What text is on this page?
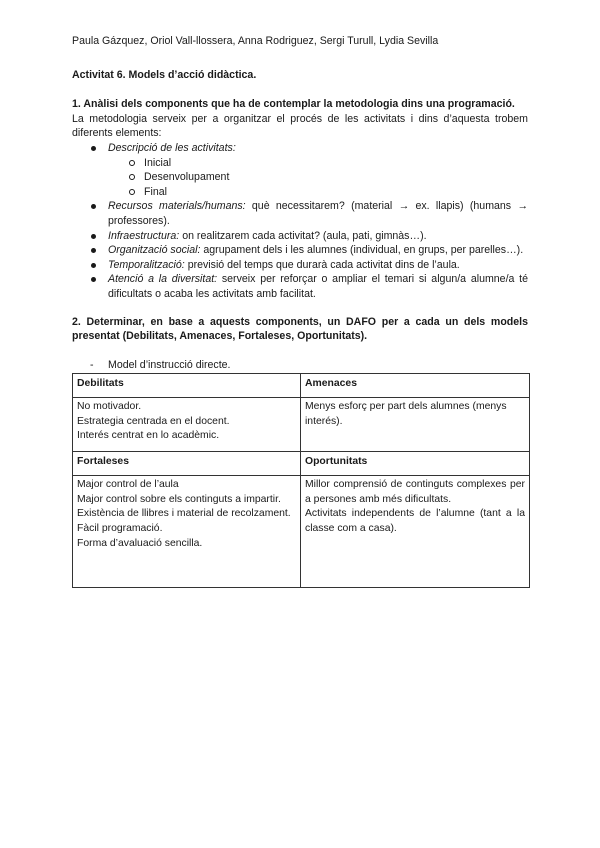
Paula Gázquez, Oriol Vall-llossera, Anna Rodriguez, Sergi Turull, Lydia Sevilla

Activitat 6. Models d’acció didàctica.

1. Anàlisi dels components que ha de contemplar la metodologia dins una programació.

La metodologia serveix per a organitzar el procés de les activitats i dins d’aquesta trobem diferents elements:

Descripció de les activitats:
Inicial
Desenvolupament
Final
Recursos materials/humans: què necessitarem? (material → ex. llapis) (humans → professores).
Infraestructura: on realitzarem cada activitat? (aula, pati, gimnàs…).
Organització social: agrupament dels i les alumnes (individual, en grups, per parelles…).
Temporalització: previsió del temps que durarà cada activitat dins de l’aula.
Atenció a la diversitat: serveix per reforçar o ampliar el temari si algun/a alumne/a té dificultats o acaba les activitats amb facilitat.

2. Determinar, en base a aquests components, un DAFO per a cada un dels models presentat (Debilitats, Amenaces, Fortaleses, Oportunitats).

- Model d’instrucció directe.

Debilitats	Amenaces

No motivador.
Estrategia centrada en el docent.
Interés centrat en lo acadèmic.	Menys esforç per part dels alumnes (menys interés).

Fortaleses	Oportunitats

Major control de l’aula
Major control sobre els continguts a impartir.
Existència de llibres i material de recolzament.
Fàcil programació.
Forma d’avaluació sencilla.	Millor comprensió de continguts complexes per a persones amb més dificultats.
Activitats independents de l’alumne (tant a la classe com a casa).
